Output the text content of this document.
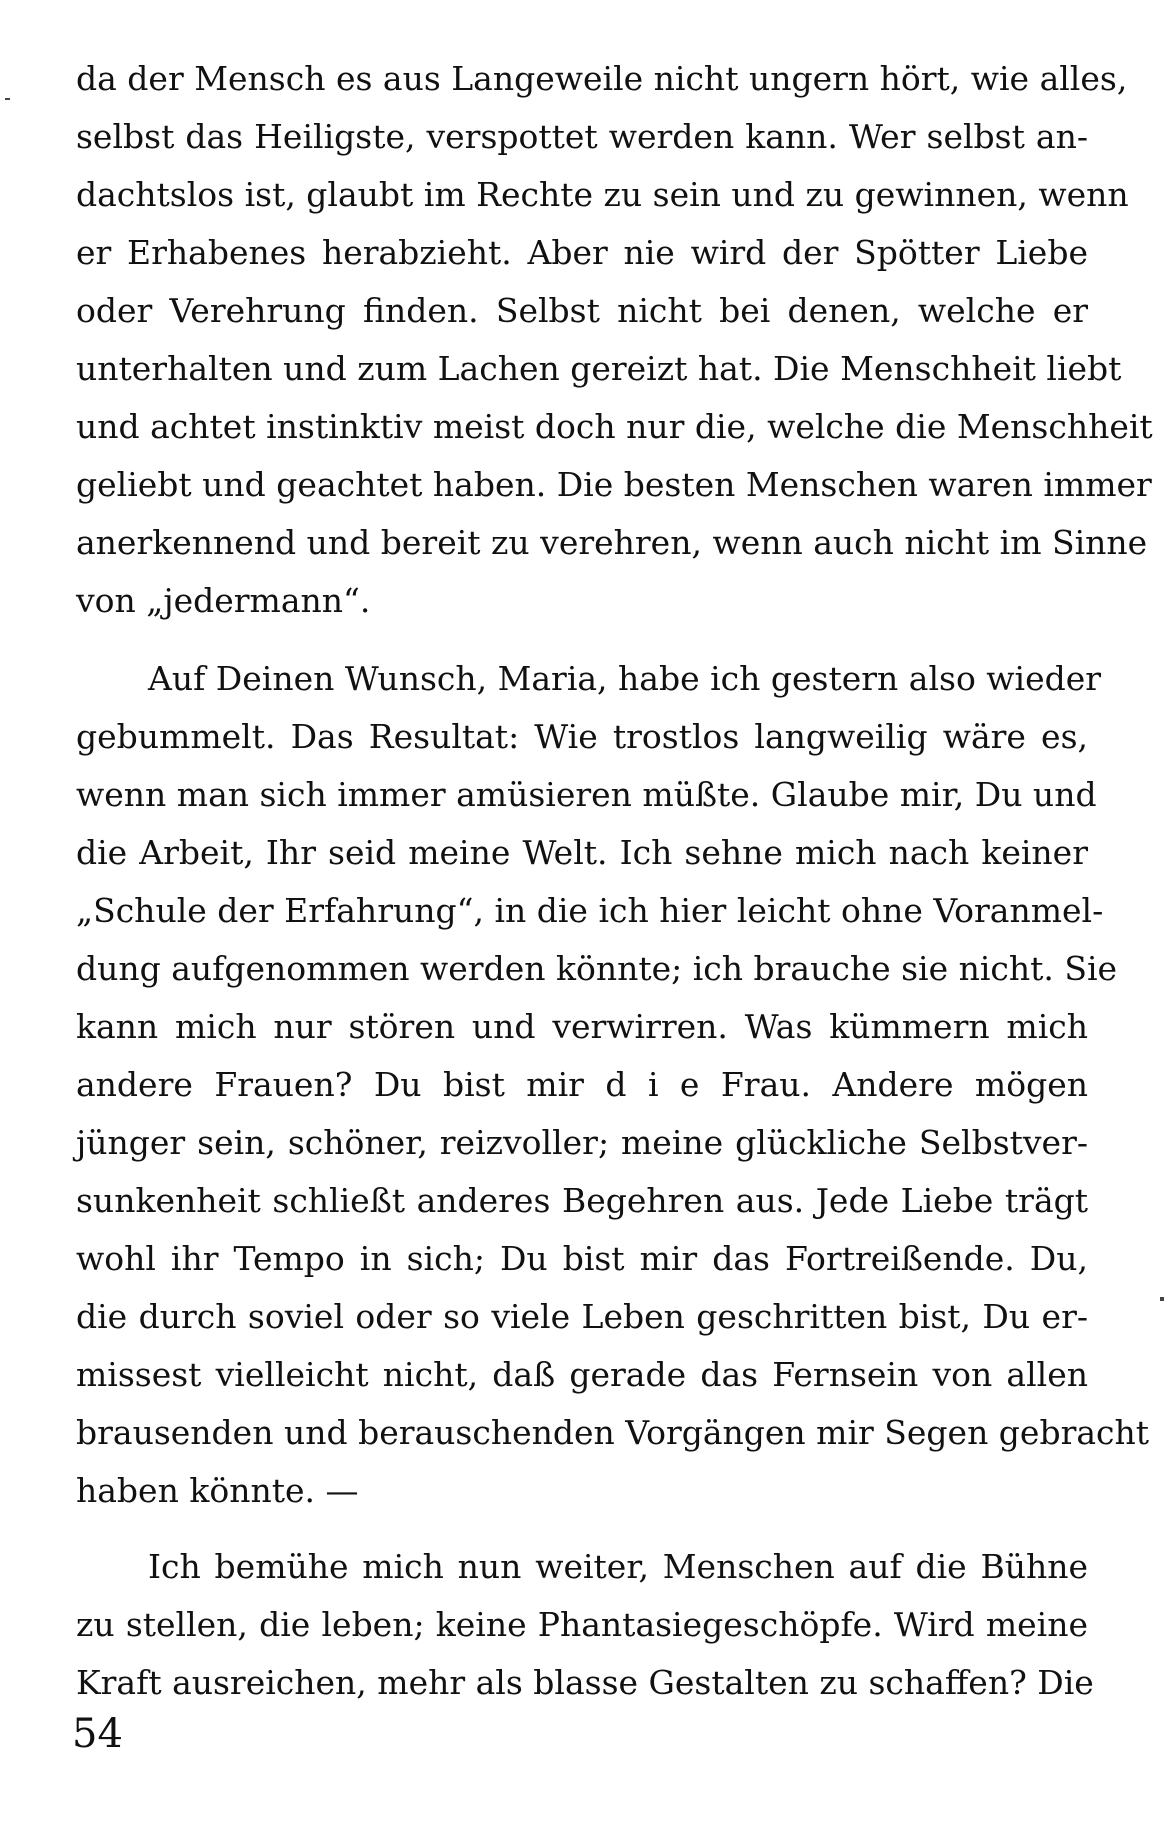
da der Mensch es aus Langeweile nicht ungern hört, wie alles,
selbst das Heiligste, verspottet werden kann. Wer selbst an-
dachtslos ist, glaubt im Rechte zu sein und zu gewinnen, wenn
er Erhabenes herabzieht. Aber nie wird der Spötter Liebe
oder Verehrung finden. Selbst nicht bei denen, welche er
unterhalten und zum Lachen gereizt hat. Die Menschheit liebt
und achtet instinktiv meist doch nur die, welche die Menschheit
geliebt und geachtet haben. Die besten Menschen waren immer
anerkennend und bereit zu verehren, wenn auch nicht im Sinne
von „jedermann“.
Auf Deinen Wunsch, Maria, habe ich gestern also wieder
gebummelt. Das Resultat: Wie trostlos langweilig wäre es,
wenn man sich immer amüsieren müßte. Glaube mir, Du und
die Arbeit, Ihr seid meine Welt. Ich sehne mich nach keiner
„Schule der Erfahrung“, in die ich hier leicht ohne Voranmel-
dung aufgenommen werden könnte; ich brauche sie nicht. Sie
kann mich nur stören und verwirren. Was kümmern mich
andere Frauen? Du bist mir d i e Frau. Andere mögen
jünger sein, schöner, reizvoller; meine glückliche Selbstver-
sunkenheit schließt anderes Begehren aus. Jede Liebe trägt
wohl ihr Tempo in sich; Du bist mir das Fortreißende. Du,
die durch soviel oder so viele Leben geschritten bist, Du er-
missest vielleicht nicht, daß gerade das Fernsein von allen
brausenden und berauschenden Vorgängen mir Segen gebracht
haben könnte. —
Ich bemühe mich nun weiter, Menschen auf die Bühne
zu stellen, die leben; keine Phantasiegeschöpfe. Wird meine
Kraft ausreichen, mehr als blasse Gestalten zu schaffen? Die
54
